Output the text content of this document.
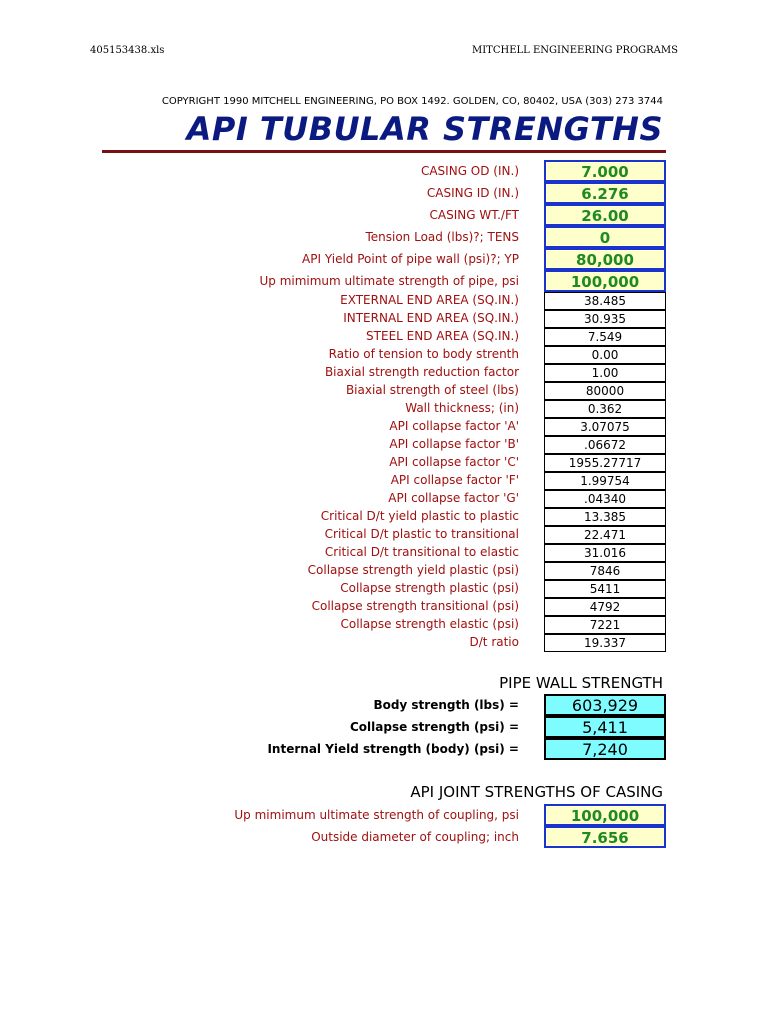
405153438.xls	MITCHELL ENGINEERING PROGRAMS
COPYRIGHT 1990 MITCHELL ENGINEERING, PO BOX 1492. GOLDEN, CO, 80402, USA (303) 273 3744
API TUBULAR STRENGTHS
CASING OD (IN.)	7.000
CASING ID (IN.)	6.276
CASING WT./FT	26.00
Tension Load (lbs)?; TENS	0
API Yield Point of pipe wall (psi)?; YP	80,000
Up mimimum ultimate strength of pipe, psi	100,000
EXTERNAL END AREA (SQ.IN.)	38.485
INTERNAL END AREA (SQ.IN.)	30.935
STEEL END AREA (SQ.IN.)	7.549
Ratio of tension to body strenth	0.00
Biaxial strength reduction factor	1.00
Biaxial strength of steel (lbs)	80000
Wall thickness; (in)	0.362
API collapse factor 'A'	3.07075
API collapse factor 'B'	.06672
API collapse factor 'C'	1955.27717
API collapse factor 'F'	1.99754
API collapse factor 'G'	.04340
Critical D/t yield plastic to plastic	13.385
Critical D/t plastic to transitional	22.471
Critical D/t transitional to elastic	31.016
Collapse strength yield plastic (psi)	7846
Collapse strength plastic (psi)	5411
Collapse strength transitional (psi)	4792
Collapse strength elastic (psi)	7221
D/t ratio	19.337
PIPE WALL STRENGTH
Body strength (lbs) =	603,929
Collapse strength (psi) =	5,411
Internal Yield strength (body) (psi) =	7,240
API JOINT STRENGTHS OF CASING
Up mimimum ultimate strength of coupling, psi	100,000
Outside diameter of coupling; inch	7.656
